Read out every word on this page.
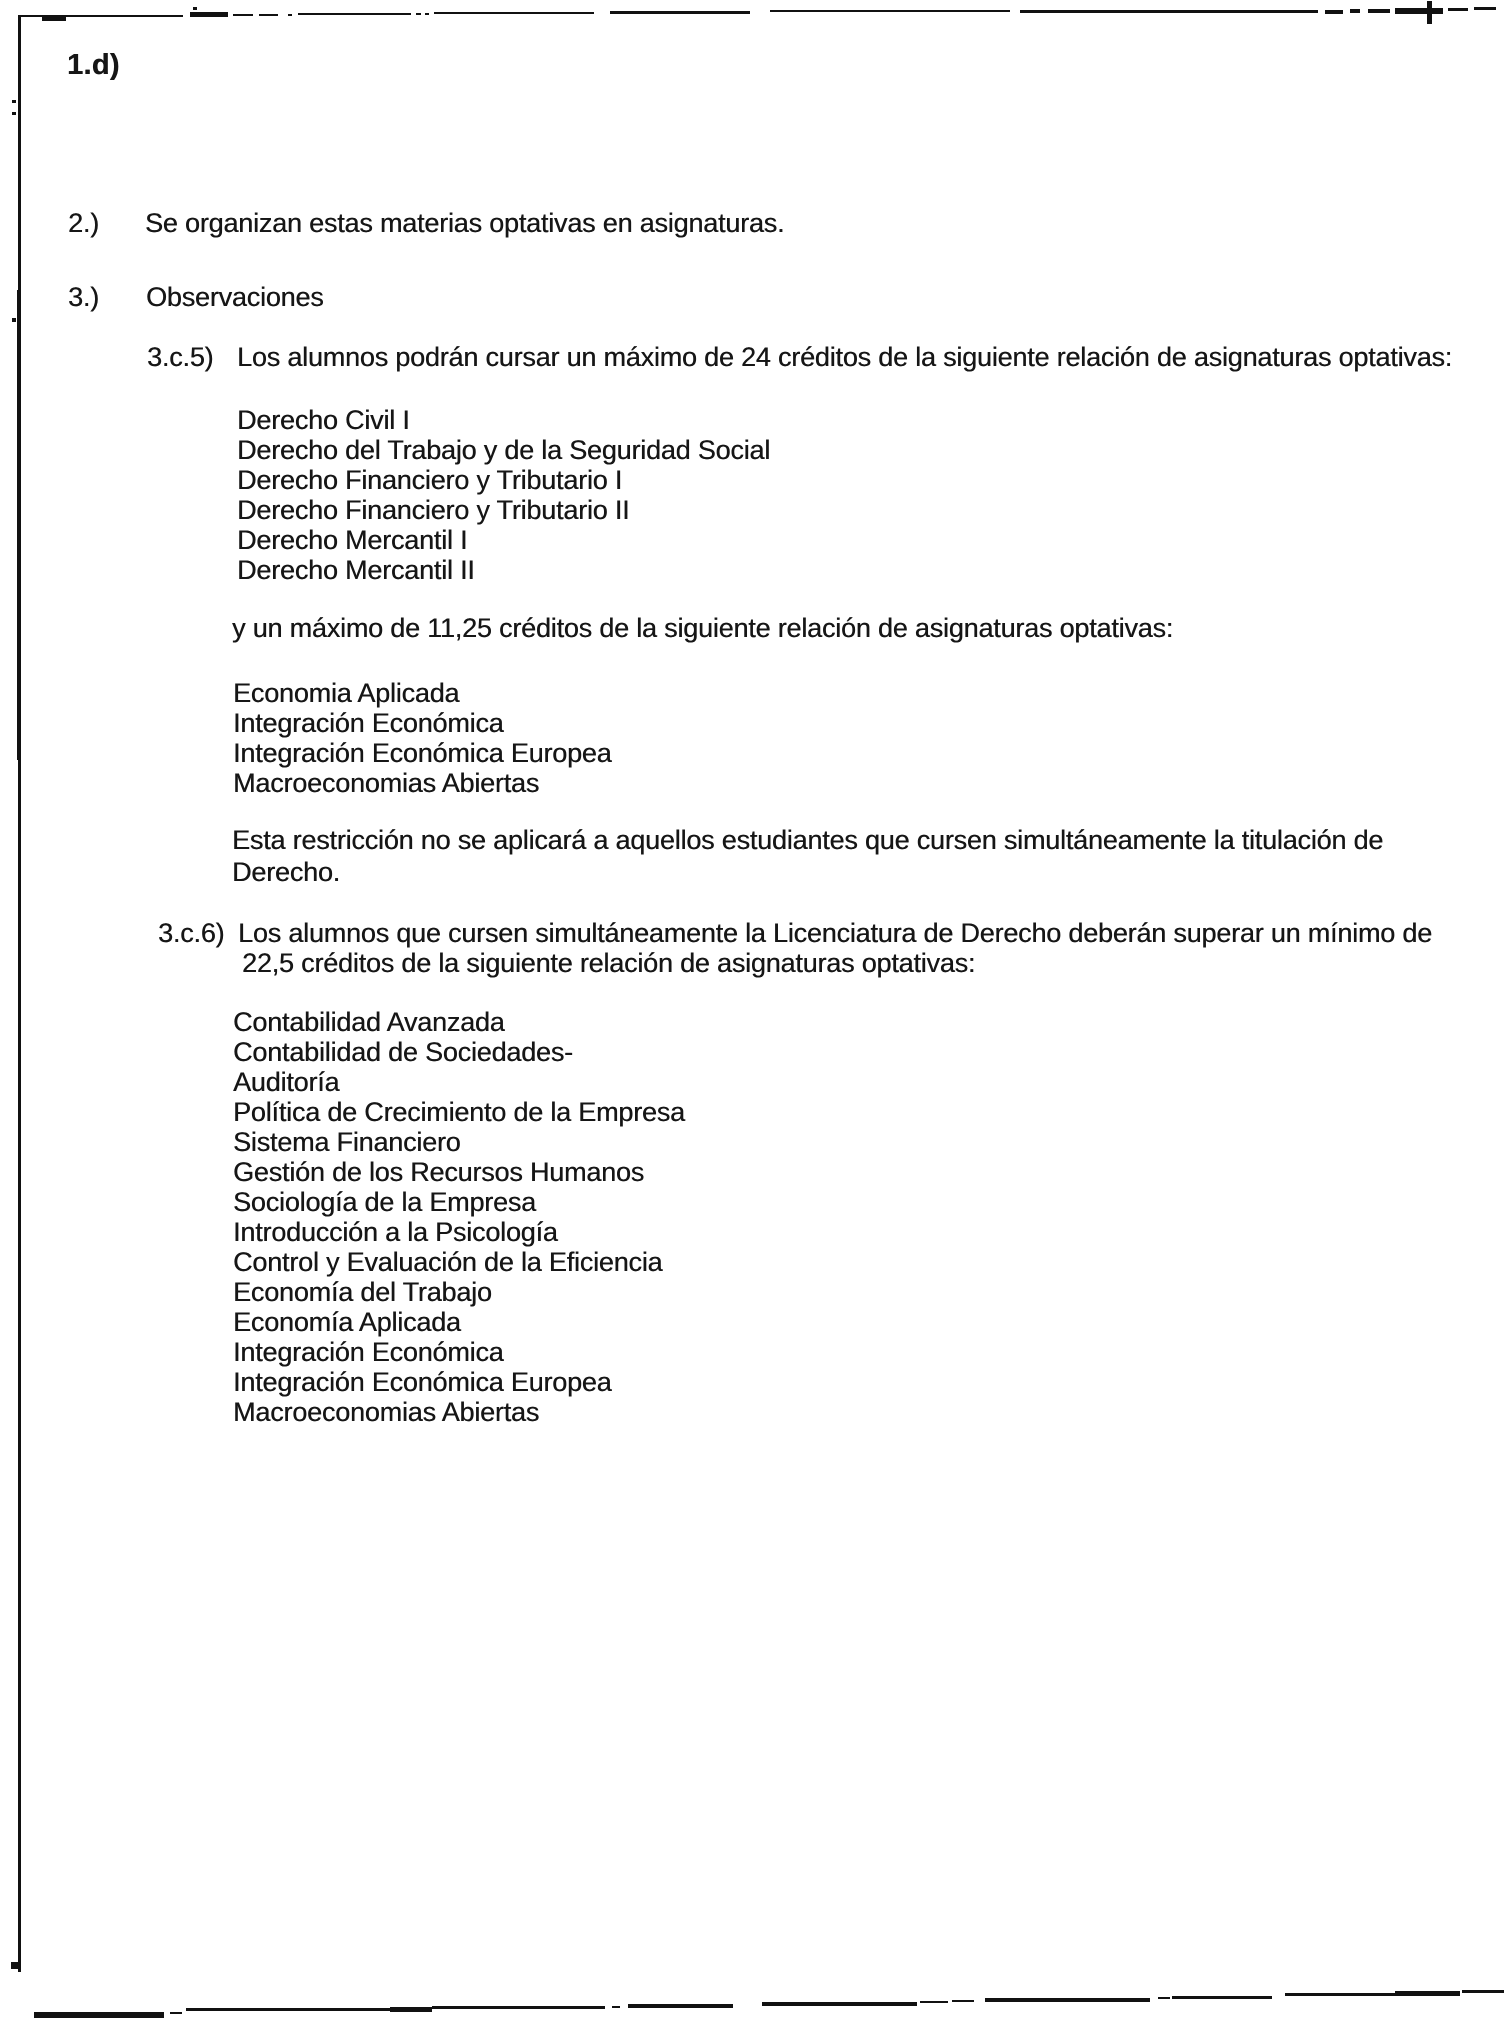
1.d)
2.) Se organizan estas materias optativas en asignaturas.
3.) Observaciones
3.c.5) Los alumnos podrán cursar un máximo de 24 créditos de la siguiente relación de asignaturas optativas:
Derecho Civil I
Derecho del Trabajo y de la Seguridad Social
Derecho Financiero y Tributario I
Derecho Financiero y Tributario II
Derecho Mercantil I
Derecho Mercantil II
y un máximo de 11,25 créditos de la siguiente relación de asignaturas optativas:
Economia Aplicada
Integración Económica
Integración Económica Europea
Macroeconomias Abiertas
Esta restricción no se aplicará a aquellos estudiantes que cursen simultáneamente la titulación de
Derecho.
3.c.6) Los alumnos que cursen simultáneamente la Licenciatura de Derecho deberán superar un mínimo de
22,5 créditos de la siguiente relación de asignaturas optativas:
Contabilidad Avanzada
Contabilidad de Sociedades-
Auditoría
Política de Crecimiento de la Empresa
Sistema Financiero
Gestión de los Recursos Humanos
Sociología de la Empresa
Introducción a la Psicología
Control y Evaluación de la Eficiencia
Economía del Trabajo
Economía Aplicada
Integración Económica
Integración Económica Europea
Macroeconomias Abiertas
